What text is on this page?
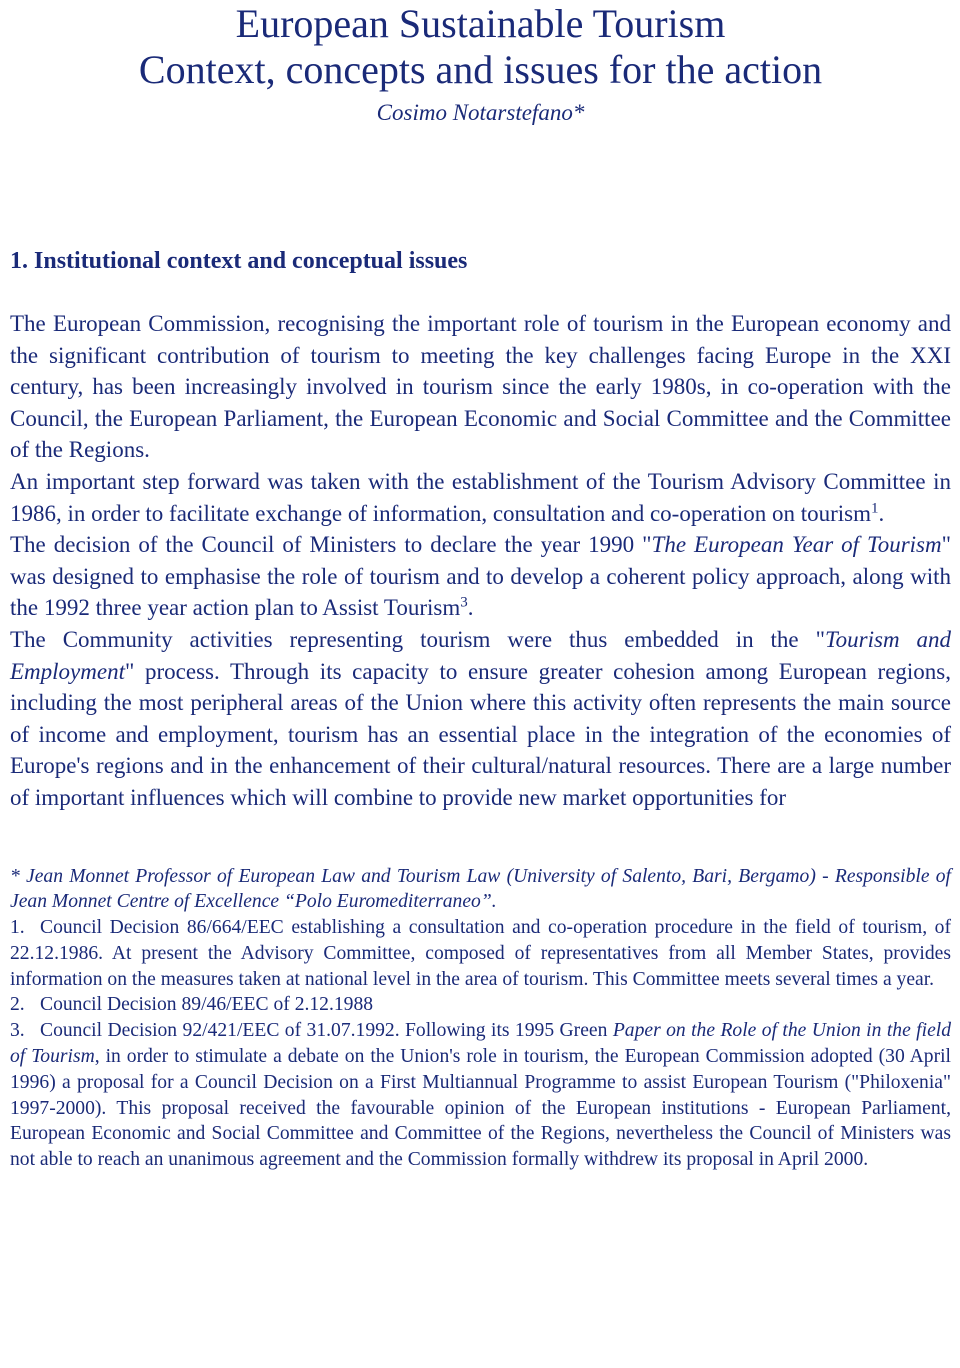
European Sustainable Tourism
Context, concepts and issues for the action
Cosimo Notarstefano*
1. Institutional context and conceptual issues

The European Commission, recognising the important role of tourism in the European economy and the significant contribution of tourism to meeting the key challenges facing Europe in the XXI century, has been increasingly involved in tourism since the early 1980s, in co-operation with the Council, the European Parliament, the European Economic and Social Committee and the Committee of the Regions.

An important step forward was taken with the establishment of the Tourism Advisory Committee in 1986, in order to facilitate exchange of information, consultation and co-operation on tourism$^1$.

The decision of the Council of Ministers to declare the year 1990 "The European Year of Tourism" was designed to emphasise the role of tourism and to develop a coherent policy approach, along with the 1992 three year action plan to Assist Tourism$^3$.

The Community activities representing tourism were thus embedded in the "Tourism and Employment" process. Through its capacity to ensure greater cohesion among European regions, including the most peripheral areas of the Union where this activity often represents the main source of income and employment, tourism has an essential place in the integration of the economies of Europe's regions and in the enhancement of their cultural/natural resources. There are a large number of important influences which will combine to provide new market opportunities for

* Jean Monnet Professor of European Law and Tourism Law (University of Salento, Bari, Bergamo) - Responsible of Jean Monnet Centre of Excellence “Polo Euromediterraneo”.

1. Council Decision 86/664/EEC establishing a consultation and co-operation procedure in the field of tourism, of 22.12.1986. At present the Advisory Committee, composed of representatives from all Member States, provides information on the measures taken at national level in the area of tourism. This Committee meets several times a year.

2. Council Decision 89/46/EEC of 2.12.1988

3. Council Decision 92/421/EEC of 31.07.1992. Following its 1995 Green Paper on the Role of the Union in the field of Tourism, in order to stimulate a debate on the Union's role in tourism, the European Commission adopted (30 April 1996) a proposal for a Council Decision on a First Multiannual Programme to assist European Tourism ("Philoxenia" 1997-2000). This proposal received the favourable opinion of the European institutions - European Parliament, European Economic and Social Committee and Committee of the Regions, nevertheless the Council of Ministers was not able to reach an unanimous agreement and the Commission formally withdrew its proposal in April 2000.
